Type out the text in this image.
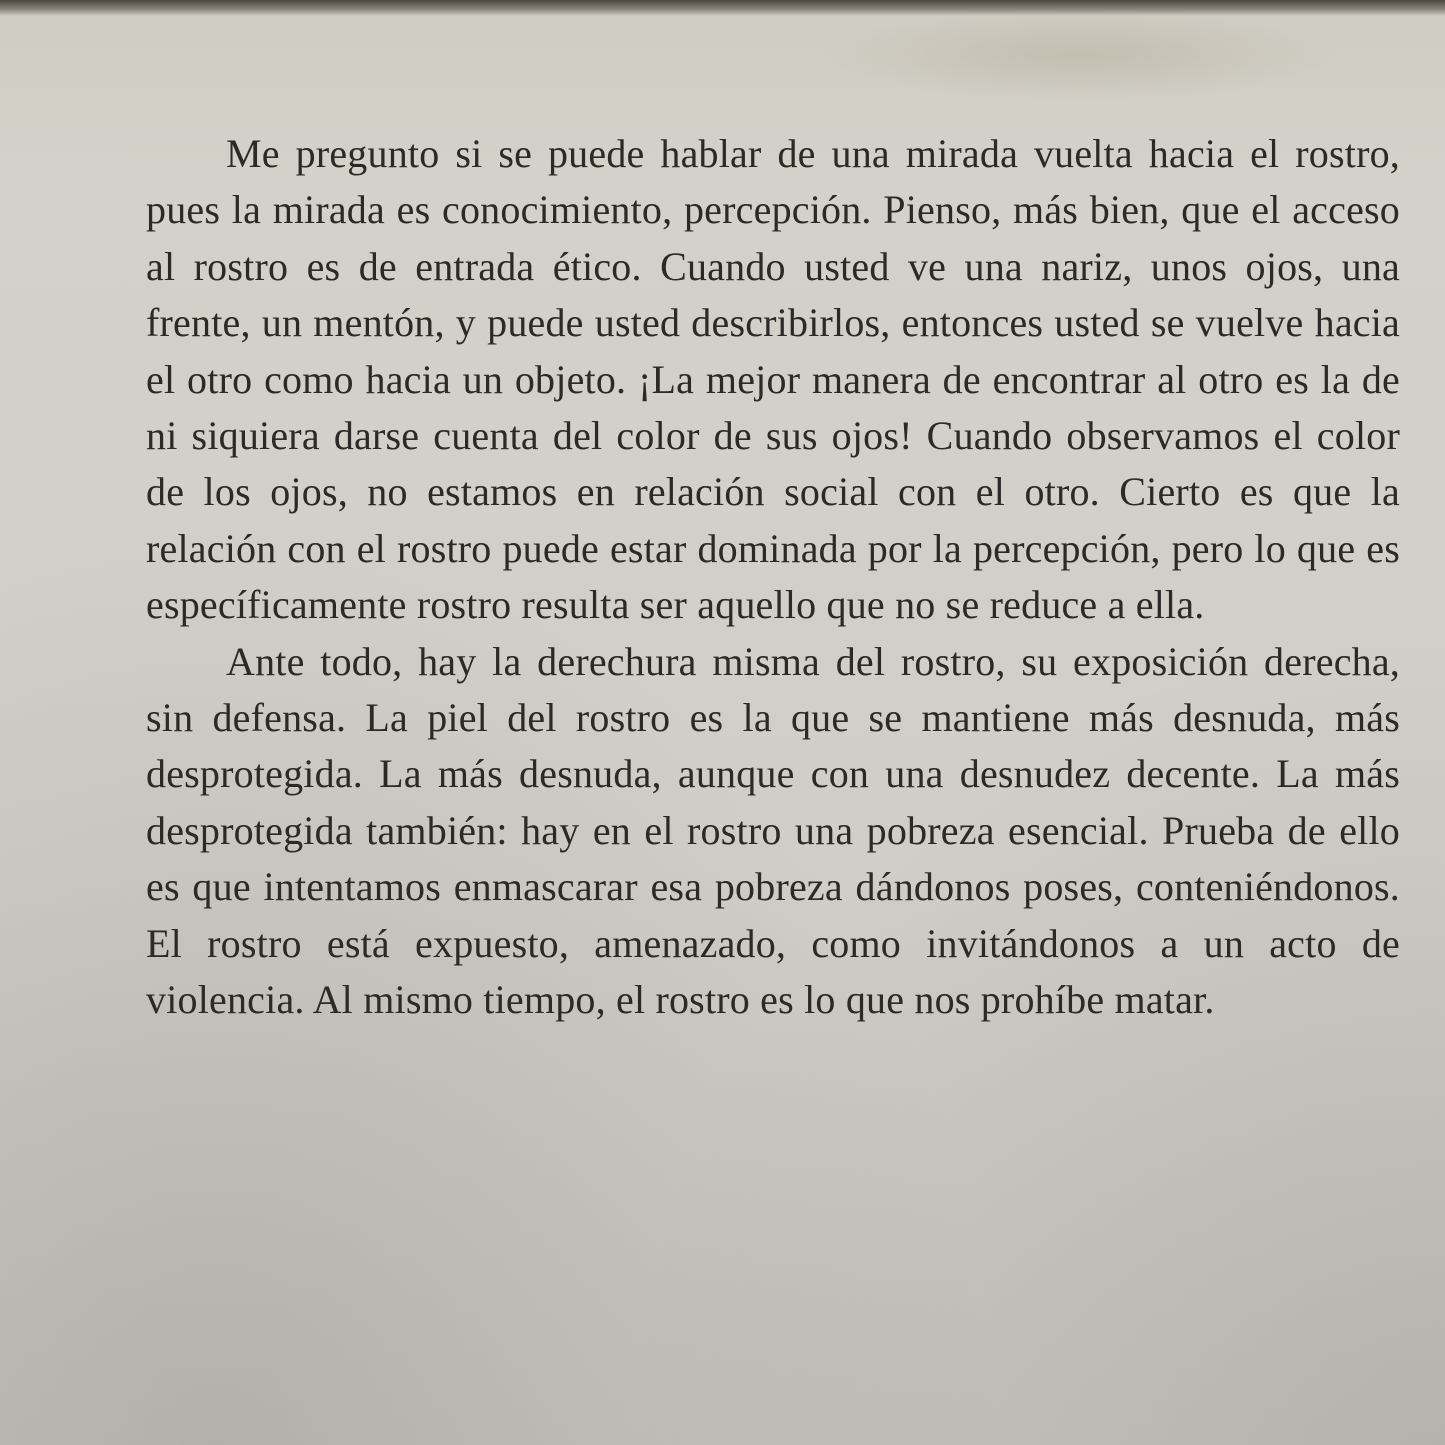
Me pregunto si se puede hablar de una mirada vuelta hacia el rostro, pues la mirada es conocimiento, percepción. Pienso, más bien, que el acceso al rostro es de entrada ético. Cuando usted ve una nariz, unos ojos, una frente, un mentón, y puede usted describirlos, entonces usted se vuelve hacia el otro como hacia un objeto. ¡La mejor manera de encontrar al otro es la de ni siquiera darse cuenta del color de sus ojos! Cuando observamos el color de los ojos, no estamos en relación social con el otro. Cierto es que la relación con el rostro puede estar dominada por la percepción, pero lo que es específicamente rostro resulta ser aquello que no se reduce a ella.

Ante todo, hay la derechura misma del rostro, su exposición derecha, sin defensa. La piel del rostro es la que se mantiene más desnuda, más desprotegida. La más desnuda, aunque con una desnudez decente. La más desprotegida también: hay en el rostro una pobreza esencial. Prueba de ello es que intentamos enmascarar esa pobreza dándonos poses, conteniéndonos. El rostro está expuesto, amenazado, como invitándonos a un acto de violencia. Al mismo tiempo, el rostro es lo que nos prohíbe matar.
